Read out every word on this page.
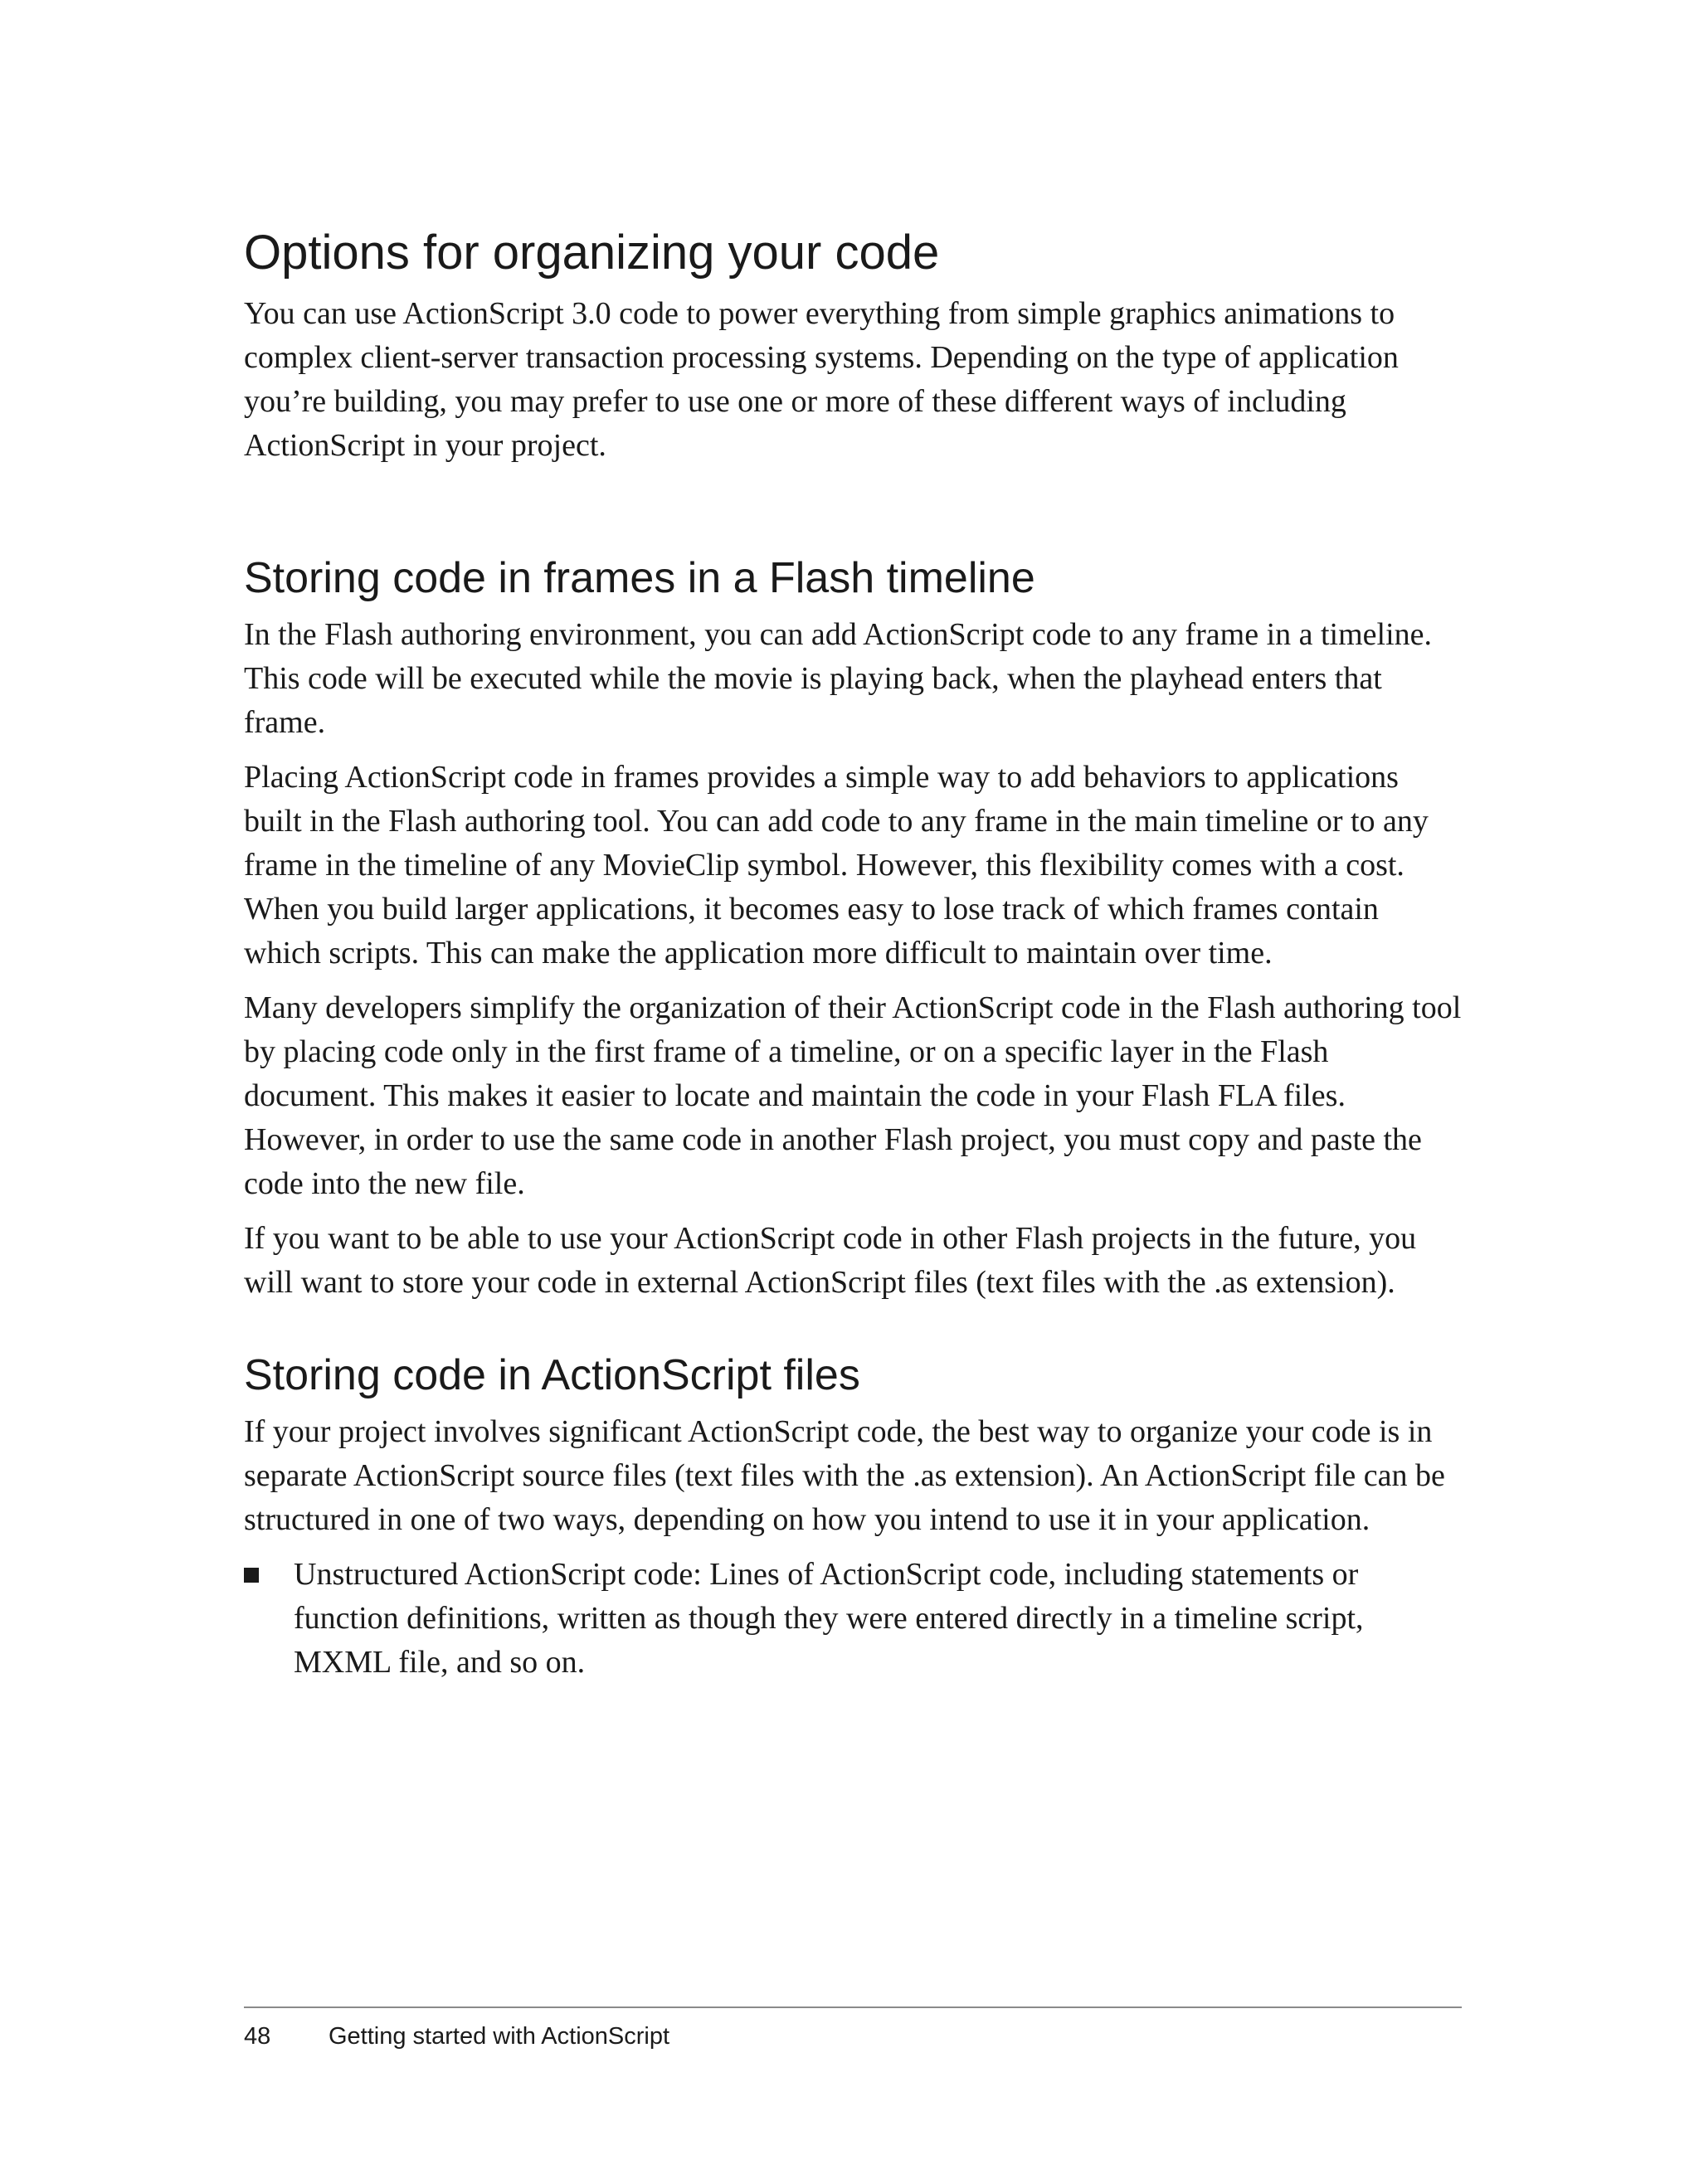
Options for organizing your code

You can use ActionScript 3.0 code to power everything from simple graphics animations to complex client-server transaction processing systems. Depending on the type of application you’re building, you may prefer to use one or more of these different ways of including ActionScript in your project.

Storing code in frames in a Flash timeline

In the Flash authoring environment, you can add ActionScript code to any frame in a timeline. This code will be executed while the movie is playing back, when the playhead enters that frame.

Placing ActionScript code in frames provides a simple way to add behaviors to applications built in the Flash authoring tool. You can add code to any frame in the main timeline or to any frame in the timeline of any MovieClip symbol. However, this flexibility comes with a cost. When you build larger applications, it becomes easy to lose track of which frames contain which scripts. This can make the application more difficult to maintain over time.

Many developers simplify the organization of their ActionScript code in the Flash authoring tool by placing code only in the first frame of a timeline, or on a specific layer in the Flash document. This makes it easier to locate and maintain the code in your Flash FLA files. However, in order to use the same code in another Flash project, you must copy and paste the code into the new file.

If you want to be able to use your ActionScript code in other Flash projects in the future, you will want to store your code in external ActionScript files (text files with the .as extension).

Storing code in ActionScript files

If your project involves significant ActionScript code, the best way to organize your code is in separate ActionScript source files (text files with the .as extension). An ActionScript file can be structured in one of two ways, depending on how you intend to use it in your application.

Unstructured ActionScript code: Lines of ActionScript code, including statements or function definitions, written as though they were entered directly in a timeline script, MXML file, and so on.
48 Getting started with ActionScript
